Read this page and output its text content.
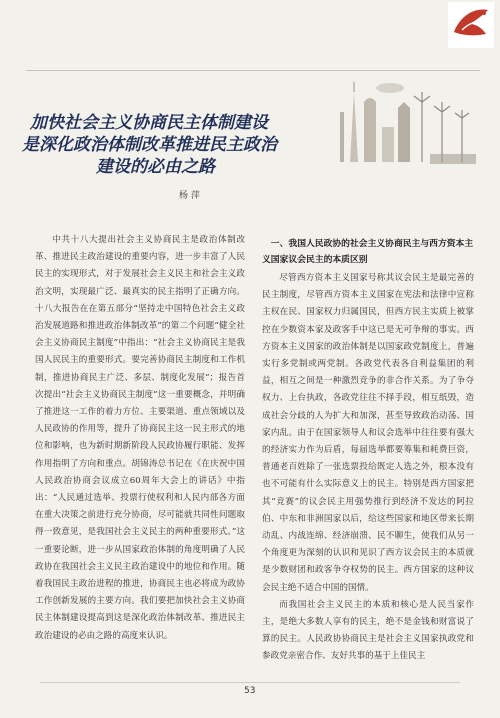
加快社会主义协商民主体制建设
是深化政治体制改革推进民主政治
建设的必由之路
杨 萍

中共十八大提出社会主义协商民主是政治体制改革、推进民主政治建设的重要内容，进一步丰富了人民民主的实现形式，对于发展社会主义民主和社会主义政治文明，实现最广泛、最真实的民主指明了正确方向。十八大报告在在第五部分“坚持走中国特色社会主义政治发展道路和推进政治体制改革”的第二个问题“健全社会主义协商民主制度”中指出：“社会主义协商民主是我国人民民主的重要形式。要完善协商民主制度和工作机制，推进协商民主广泛、多层、制度化发展”；报告首次提出“社会主义协商民主制度”这一重要概念，并明确了推进这一工作的着力方位、主要渠道、重点领域以及人民政协的作用等，提升了协商民主这一民主形式的地位和影响，也为新时期新阶段人民政协履行职能、发挥作用指明了方向和重点。胡锦涛总书记在《在庆祝中国人民政治协商会议成立60周年大会上的讲话》中指出：“人民通过选举、投票行使权利和人民内部各方面在重大决策之前进行充分协商，尽可能就共同性问题取得一致意见，是我国社会主义民主的两种重要形式。”这一重要论断，进一步从国家政治体制的角度明确了人民政协在我国社会主义民主政治建设中的地位和作用。随着我国民主政治进程的推进，协商民主也必将成为政协工作创新发展的主要方向。我们要把加快社会主义协商民主体制建设提高到这是深化政治体制改革、推进民主政治建设的必由之路的高度来认识。

一、我国人民政协的社会主义协商民主与西方资本主义国家议会民主的本质区别

尽管西方资本主义国家号称其议会民主是最完善的民主制度，尽管西方资本主义国家在宪法和法律中宣称主权在民、国家权力归属国民，但西方民主实质上被掌控在少数资本家及政客手中这已是无可争辩的事实。西方资本主义国家的政治体制是以国家政党制度上，普遍实行多党制或两党制。各政党代表各自利益集团的利益，相互之间是一种激烈竞争的非合作关系。为了争夺权力、上台执政，各政党往往不择手段，相互纸毁，造成社会分歧的人为扩大和加深，甚至导致政治动荡、国家内乱。由于在国家领导人和议会选举中往往要有强大的经济实力作为后盾，每届选举都要筹集和耗费巨资，普通老百姓除了一张选票投给既定人选之外，根本没有也不可能有什么实际意义上的民主。特别是西方国家把其“竞赛”的议会民主用强势推行到经济不发达的阿拉伯、中东和非洲国家以后，给这些国家和地区带来长期动乱、内战连绵、经济崩溃、民不聊生，使我们从另一个角度更为深刻的认识和见识了西方议会民主的本质就是少数财团和政客争夺权势的民主。西方国家的这种议会民主绝不适合中国的国情。

而我国社会主义民主的本质和核心是人民当家作主，是绝大多数人享有的民主，绝不是金钱和财富说了算的民主。人民政协协商民主是社会主义国家执政党和参政党亲密合作、友好共事的基于上佳民主

53
